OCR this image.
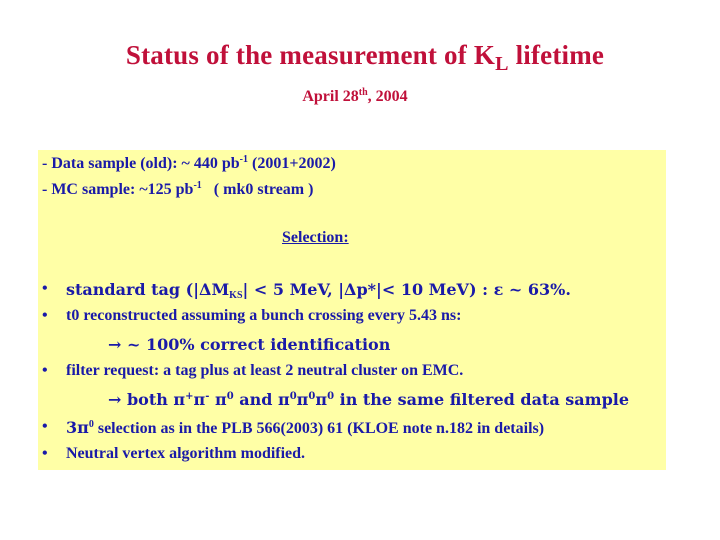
Status of the measurement of $K_L$ lifetime
April 28th, 2004
- Data sample (old): ~ 440 $pb^{-1}$ (2001+2002)
- MC sample: ~125 $pb^{-1}$   ( mk0 stream )
Selection:
• standard tag ($|\Delta M_{KS}| < 5$ MeV, |Δp*|< 10 MeV) : ε ~ 63%.
• t0 reconstructed assuming a bunch crossing every 5.43 ns:
→ ~ 100% correct identification
• filter request: a tag plus at least 2 neutral cluster on EMC.
→ both π+π- $\pi^0$ and $\pi^0\pi^0\pi^0$ in the same filtered data sample
• $3\pi^0$ selection as in the PLB 566(2003) 61 (KLOE note n.182 in details)
• Neutral vertex algorithm modified.
